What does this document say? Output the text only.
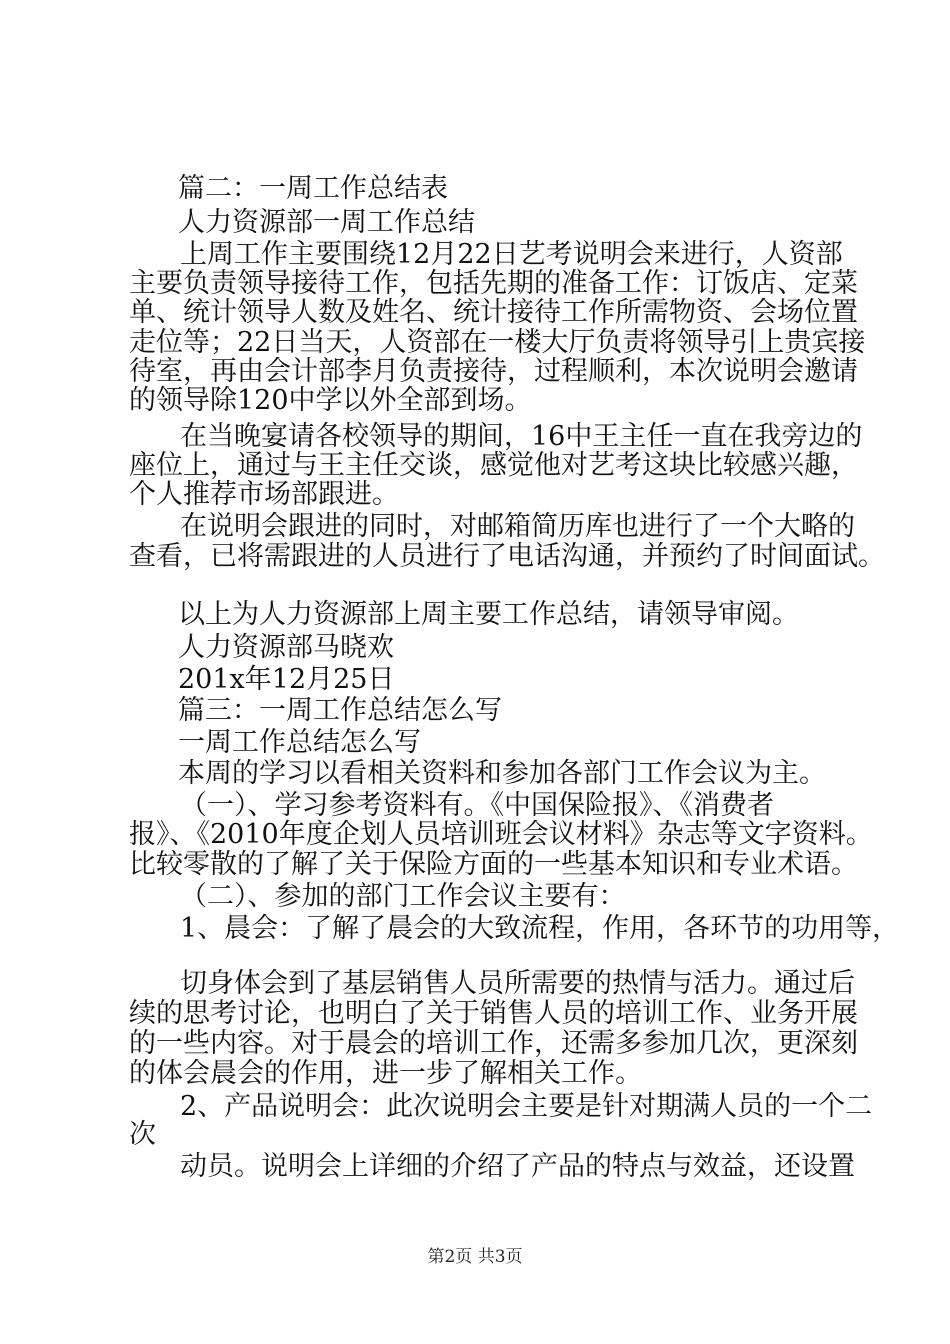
篇二：一周工作总结表
人力资源部一周工作总结
上周工作主要围绕12月22日艺考说明会来进行，人资部
主要负责领导接待工作，包括先期的准备工作：订饭店、定菜
单、统计领导人数及姓名、统计接待工作所需物资、会场位置
走位等；22日当天，人资部在一楼大厅负责将领导引上贵宾接
待室，再由会计部李月负责接待，过程顺利，本次说明会邀请
的领导除120中学以外全部到场。
在当晚宴请各校领导的期间，16中王主任一直在我旁边的
座位上，通过与王主任交谈，感觉他对艺考这块比较感兴趣，
个人推荐市场部跟进。
在说明会跟进的同时，对邮箱简历库也进行了一个大略的
查看，已将需跟进的人员进行了电话沟通，并预约了时间面试。
以上为人力资源部上周主要工作总结，请领导审阅。
人力资源部马晓欢
201x年12月25日
篇三：一周工作总结怎么写
一周工作总结怎么写
本周的学习以看相关资料和参加各部门工作会议为主。
（一）、学习参考资料有。《中国保险报》、《消费者
报》、《2010年度企划人员培训班会议材料》杂志等文字资料。
比较零散的了解了关于保险方面的一些基本知识和专业术语。
（二）、参加的部门工作会议主要有：
1、晨会：了解了晨会的大致流程，作用，各环节的功用等，
切身体会到了基层销售人员所需要的热情与活力。通过后
续的思考讨论，也明白了关于销售人员的培训工作、业务开展
的一些内容。对于晨会的培训工作，还需多参加几次，更深刻
的体会晨会的作用，进一步了解相关工作。
2、产品说明会：此次说明会主要是针对期满人员的一个二
次
动员。说明会上详细的介绍了产品的特点与效益，还设置
第2页 共3页
